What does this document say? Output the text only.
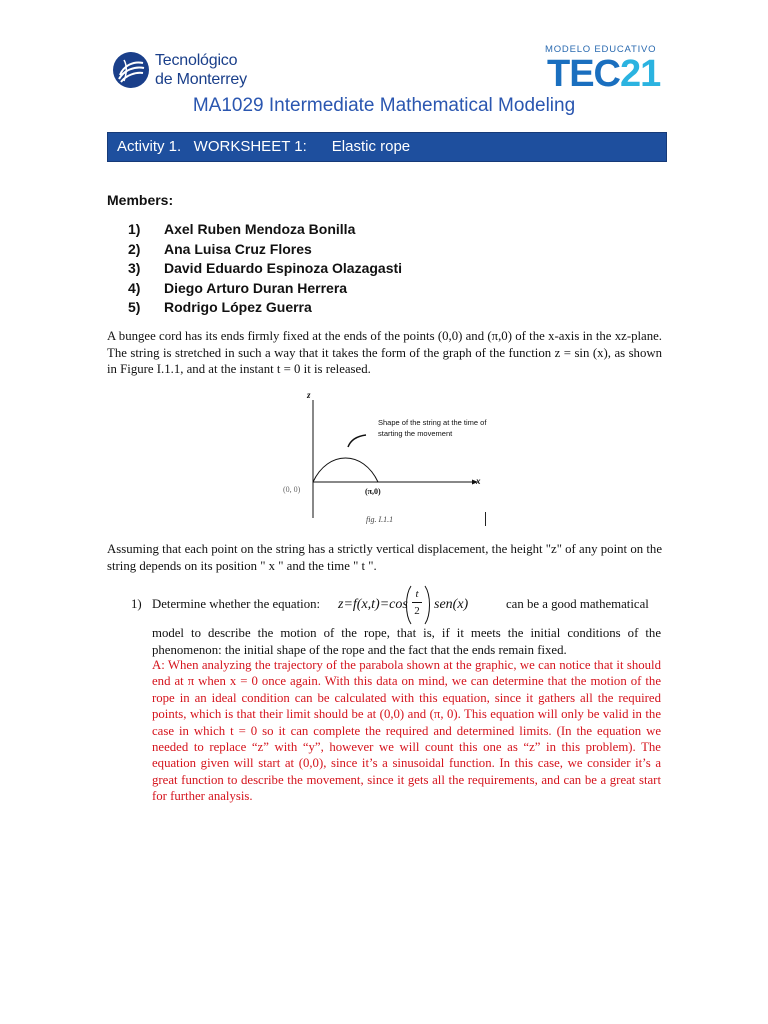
Tecnológico
de Monterrey
MODELO EDUCATIVO
TEC21
MA1029 Intermediate Mathematical Modeling
Activity 1.   WORKSHEET 1:      Elastic rope
Members:
1) Axel Ruben Mendoza Bonilla
2) Ana Luisa Cruz Flores
3) David Eduardo Espinoza Olazagasti
4) Diego Arturo Duran Herrera
5) Rodrigo López Guerra
A bungee cord has its ends firmly fixed at the ends of the points (0,0) and (π,0) of the x-axis in the xz-plane. The string is stretched in such a way that it takes the form of the graph of the function z = sin (x), as shown in Figure I.1.1, and at the instant t = 0 it is released.
z
x
(0, 0)	(π,0)
Shape of the string at the time of starting the movement
fig. I.1.1
Assuming that each point on the string has a strictly vertical displacement, the height "z" of any point on the string depends on its position " x " and the time " t ".
1) Determine whether the equation: z=f(x,t)=cos
t
2 sen(x)	can be a good mathematical
model to describe the motion of the rope, that is, if it meets the initial conditions of the phenomenon: the initial shape of the rope and the fact that the ends remain fixed.
A: When analyzing the trajectory of the parabola shown at the graphic, we can notice that it should end at π when x = 0 once again. With this data on mind, we can determine that the motion of the rope in an ideal condition can be calculated with this equation, since it gathers all the required points, which is that their limit should be at (0,0) and (π, 0). This equation will only be valid in the case in which t = 0 so it can complete the required and determined limits. (In the equation we needed to replace “z” with “y”, however we will count this one as “z” in this problem). The equation given will start at (0,0), since it’s a sinusoidal function. In this case, we consider it’s a great function to describe the movement, since it gets all the requirements, and can be a great start for further analysis.
